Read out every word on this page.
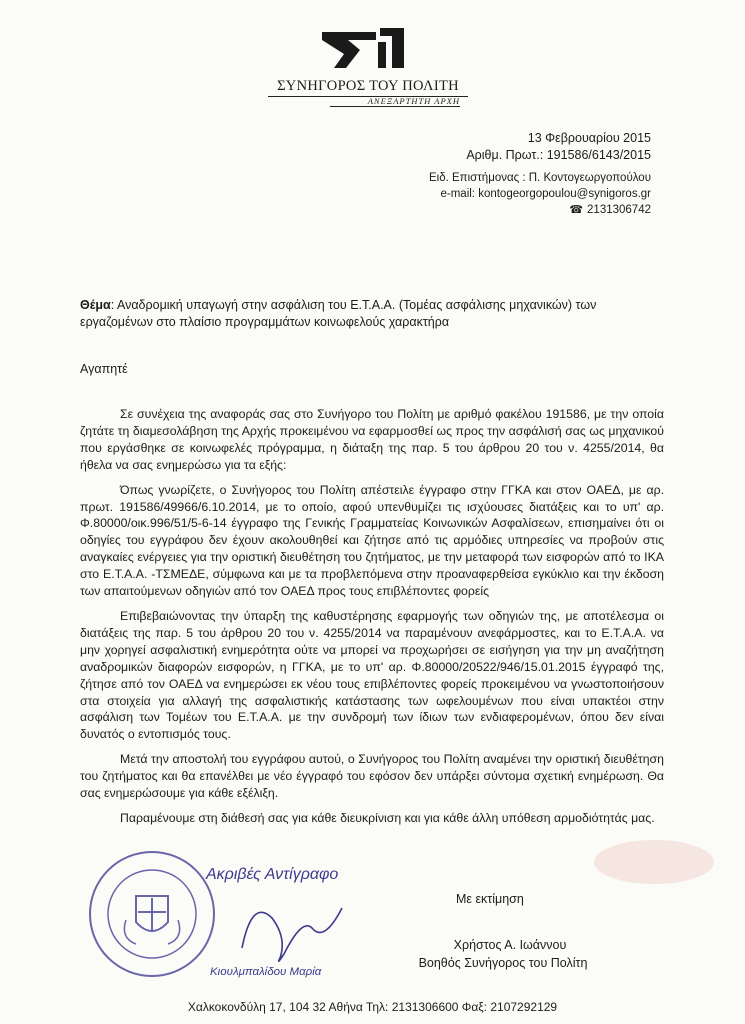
ΣΥΝΗΓΟΡΟΣ ΤΟΥ ΠΟΛΙΤΗ
ΑΝΕΞΑΡΤΗΤΗ ΑΡΧΗ
13 Φεβρουαρίου 2015
Αριθμ. Πρωτ.: 191586/6143/2015
Ειδ. Επιστήμονας : Π. Κοντογεωργοπούλου
e-mail: kontogeorgopoulou@synigoros.gr
☎ 2131306742
Θέμα: Αναδρομική υπαγωγή στην ασφάλιση του Ε.Τ.Α.Α. (Τομέας ασφάλισης μηχανικών) των εργαζομένων στο πλαίσιο προγραμμάτων κοινωφελούς χαρακτήρα
Αγαπητέ

Σε συνέχεια της αναφοράς σας στο Συνήγορο του Πολίτη με αριθμό φακέλου 191586, με την οποία ζητάτε τη διαμεσολάβηση της Αρχής προκειμένου να εφαρμοσθεί ως προς την ασφάλισή σας ως μηχανικού που εργάσθηκε σε κοινωφελές πρόγραμμα, η διάταξη της παρ. 5 του άρθρου 20 του ν. 4255/2014, θα ήθελα να σας ενημερώσω για τα εξής:

Όπως γνωρίζετε, ο Συνήγορος του Πολίτη απέστειλε έγγραφο στην ΓΓΚΑ και στον ΟΑΕΔ, με αρ. πρωτ. 191586/49966/6.10.2014, με το οποίο, αφού υπενθυμίζει τις ισχύουσες διατάξεις και το υπ' αρ. Φ.80000/οικ.996/51/5-6-14 έγγραφο της Γενικής Γραμματείας Κοινωνικών Ασφαλίσεων, επισημαίνει ότι οι οδηγίες του εγγράφου δεν έχουν ακολουθηθεί και ζήτησε από τις αρμόδιες υπηρεσίες να προβούν στις αναγκαίες ενέργειες για την οριστική διευθέτηση του ζητήματος, με την μεταφορά των εισφορών από το ΙΚΑ στο Ε.Τ.Α.Α. -ΤΣΜΕΔΕ, σύμφωνα και με τα προβλεπόμενα στην προαναφερθείσα εγκύκλιο και την έκδοση των απαιτούμενων οδηγιών από τον ΟΑΕΔ προς τους επιβλέποντες φορείς

Επιβεβαιώνοντας την ύπαρξη της καθυστέρησης εφαρμογής των οδηγιών της, με αποτέλεσμα οι διατάξεις της παρ. 5 του άρθρου 20 του ν. 4255/2014 να παραμένουν ανεφάρμοστες, και το Ε.Τ.Α.Α. να μην χορηγεί ασφαλιστική ενημερότητα ούτε να μπορεί να προχωρήσει σε εισήγηση για την μη αναζήτηση αναδρομικών διαφορών εισφορών, η ΓΓΚΑ, με το υπ' αρ. Φ.80000/20522/946/15.01.2015 έγγραφό της, ζήτησε από τον ΟΑΕΔ να ενημερώσει εκ νέου τους επιβλέποντες φορείς προκειμένου να γνωστοποιήσουν στα στοιχεία για αλλαγή της ασφαλιστικής κατάστασης των ωφελουμένων που είναι υπακτέοι στην ασφάλιση των Τομέων του Ε.Τ.Α.Α. με την συνδρομή των ίδιων των ενδιαφερομένων, όπου δεν είναι δυνατός ο εντοπισμός τους.

Μετά την αποστολή του εγγράφου αυτού, ο Συνήγορος του Πολίτη αναμένει την οριστική διευθέτηση του ζητήματος και θα επανέλθει με νέο έγγραφό του εφόσον δεν υπάρξει σύντομα σχετική ενημέρωση. Θα σας ενημερώσουμε για κάθε εξέλιξη.

Παραμένουμε στη διάθεσή σας για κάθε διευκρίνιση και για κάθε άλλη υπόθεση αρμοδιότητάς μας.

Ακριβές Αντίγραφο
Κιουλμπαλίδου Μαρία
Με εκτίμηση
Χρήστος Α. Ιωάννου
Βοηθός Συνήγορος του Πολίτη
Χαλκοκονδύλη 17, 104 32 Αθήνα Τηλ: 2131306600 Φαξ: 2107292129
